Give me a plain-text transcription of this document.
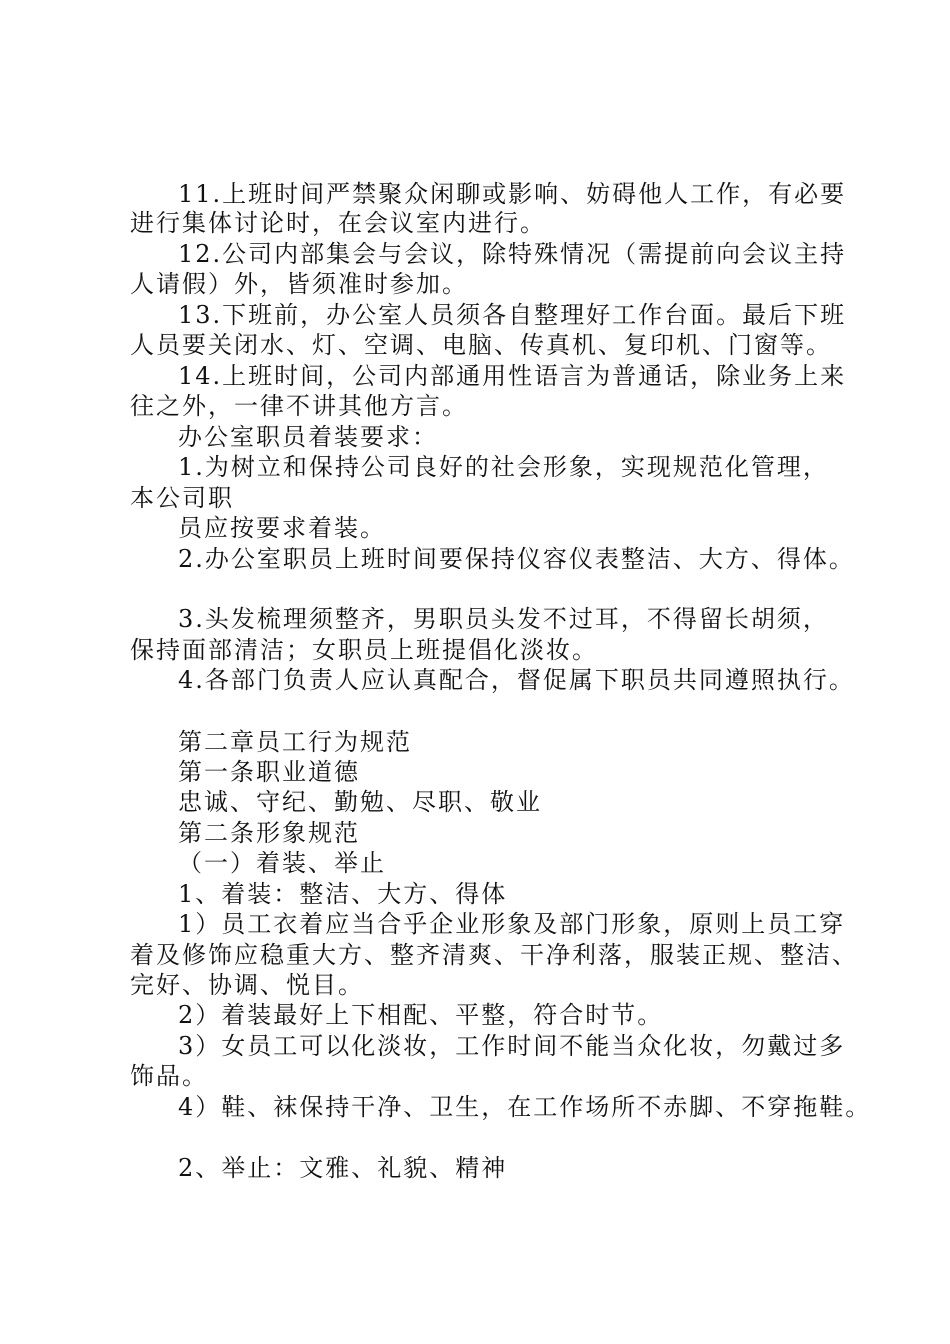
11.上班时间严禁聚众闲聊或影响、妨碍他人工作，有必要
进行集体讨论时，在会议室内进行。
12.公司内部集会与会议，除特殊情况（需提前向会议主持
人请假）外，皆须准时参加。
13.下班前，办公室人员须各自整理好工作台面。最后下班
人员要关闭水、灯、空调、电脑、传真机、复印机、门窗等。
14.上班时间，公司内部通用性语言为普通话，除业务上来
往之外，一律不讲其他方言。
办公室职员着装要求：
1.为树立和保持公司良好的社会形象，实现规范化管理，
本公司职
员应按要求着装。
2.办公室职员上班时间要保持仪容仪表整洁、大方、得体。
3.头发梳理须整齐，男职员头发不过耳，不得留长胡须，
保持面部清洁；女职员上班提倡化淡妆。
4.各部门负责人应认真配合，督促属下职员共同遵照执行。
第二章员工行为规范
第一条职业道德
忠诚、守纪、勤勉、尽职、敬业
第二条形象规范
（一）着装、举止
1、着装：整洁、大方、得体
1）员工衣着应当合乎企业形象及部门形象，原则上员工穿
着及修饰应稳重大方、整齐清爽、干净利落，服装正规、整洁、
完好、协调、悦目。
2）着装最好上下相配、平整，符合时节。
3）女员工可以化淡妆，工作时间不能当众化妆，勿戴过多
饰品。
4）鞋、袜保持干净、卫生，在工作场所不赤脚、不穿拖鞋。
2、举止：文雅、礼貌、精神
